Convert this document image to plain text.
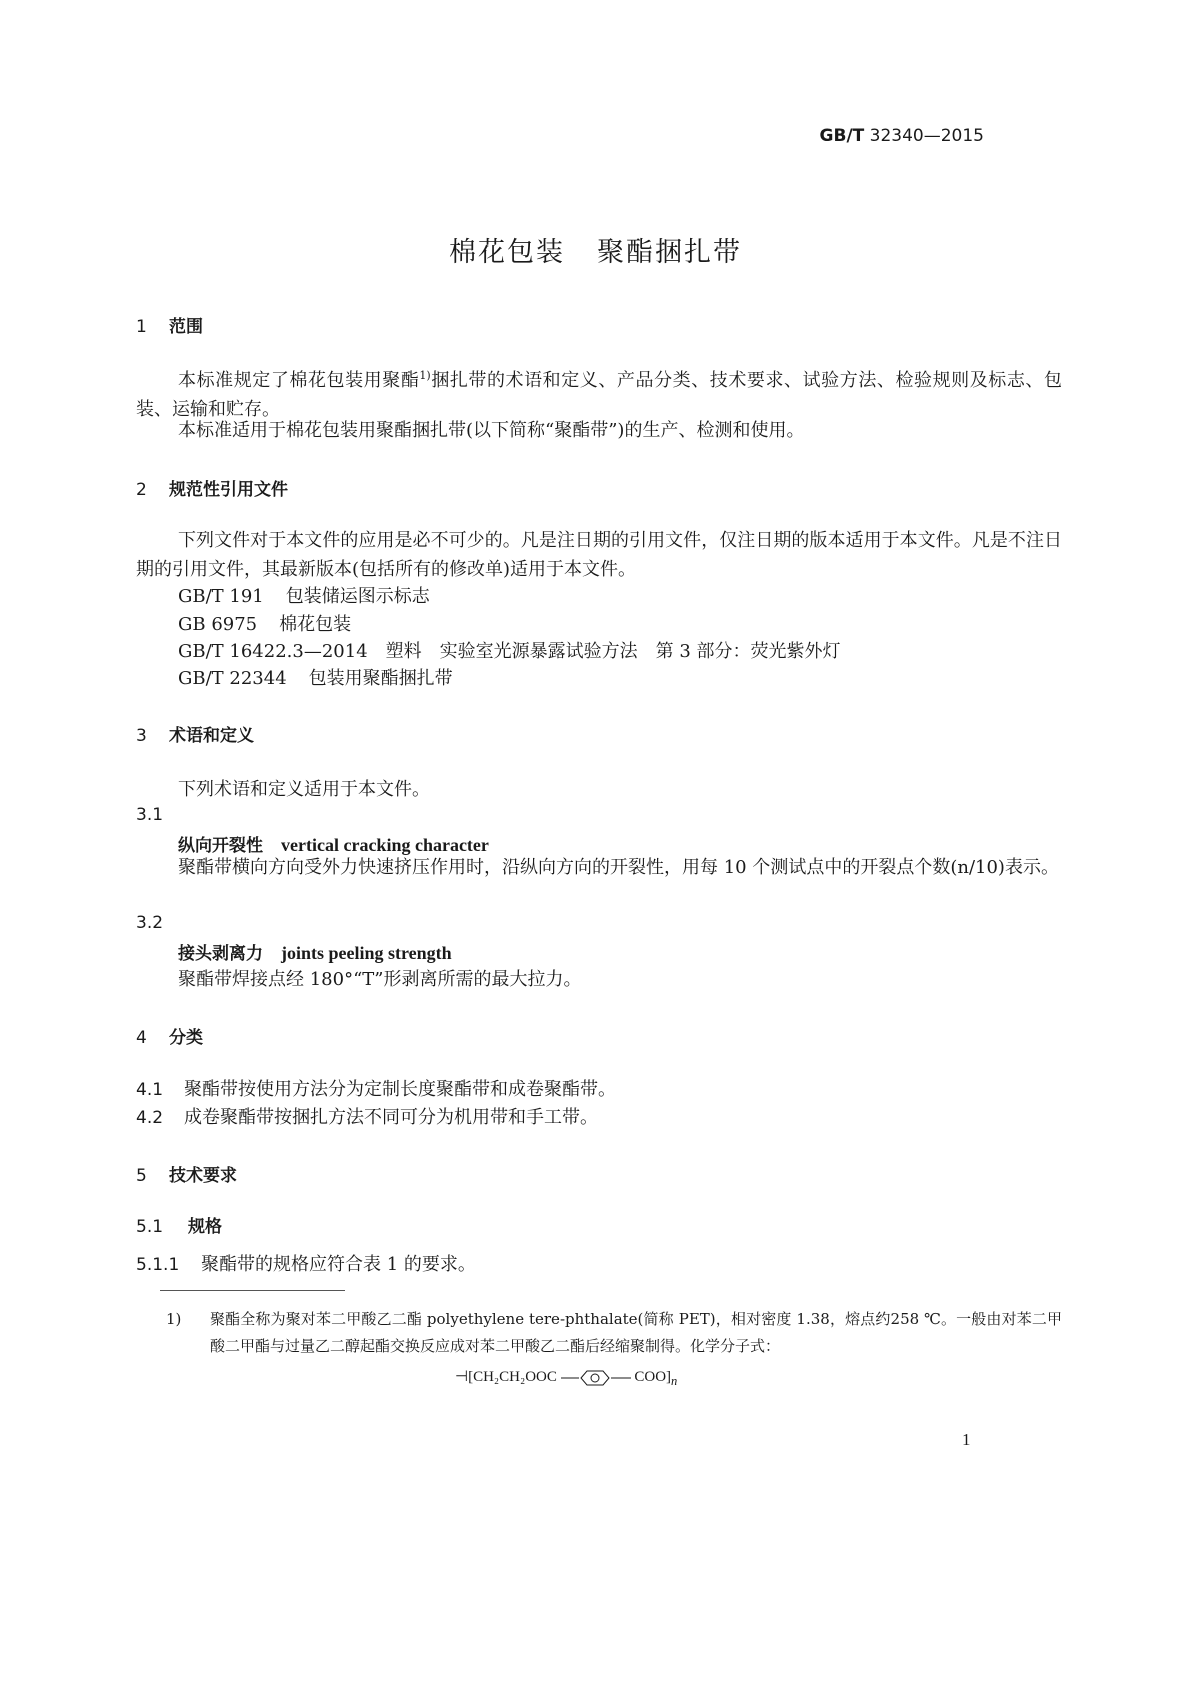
GB/T 32340—2015
棉花包装 聚酯捆扎带
1 范围
本标准规定了棉花包装用聚酯$^{1)}$捆扎带的术语和定义、产品分类、技术要求、试验方法、检验规则及标志、包装、运输和贮存。
本标准适用于棉花包装用聚酯捆扎带(以下简称“聚酯带”)的生产、检测和使用。
2 规范性引用文件
下列文件对于本文件的应用是必不可少的。凡是注日期的引用文件，仅注日期的版本适用于本文件。凡是不注日期的引用文件，其最新版本(包括所有的修改单)适用于本文件。
GB/T 191 包装储运图示标志
GB 6975 棉花包装
GB/T 16422.3—2014 塑料　实验室光源暴露试验方法　第 3 部分：荧光紫外灯
GB/T 22344 包装用聚酯捆扎带
3 术语和定义
下列术语和定义适用于本文件。
3.1
纵向开裂性 vertical cracking character
聚酯带横向方向受外力快速挤压作用时，沿纵向方向的开裂性，用每 10 个测试点中的开裂点个数(n/10)表示。
3.2
接头剥离力 joints peeling strength
聚酯带焊接点经 180°“T”形剥离所需的最大拉力。
4 分类
4.1 聚酯带按使用方法分为定制长度聚酯带和成卷聚酯带。
4.2 成卷聚酯带按捆扎方法不同可分为机用带和手工带。
5 技术要求
5.1 规格
5.1.1 聚酯带的规格应符合表 1 的要求。
1) 聚酯全称为聚对苯二甲酸乙二酯 polyethylene tere-phthalate(简称 PET)，相对密度 1.38，熔点约258 ℃。一般由对苯二甲酸二甲酯与过量乙二醇起酯交换反应成对苯二甲酸乙二酯后经缩聚制得。化学分子式：
⊣[CH₂CH₂OOC	$COO]_n$
1
